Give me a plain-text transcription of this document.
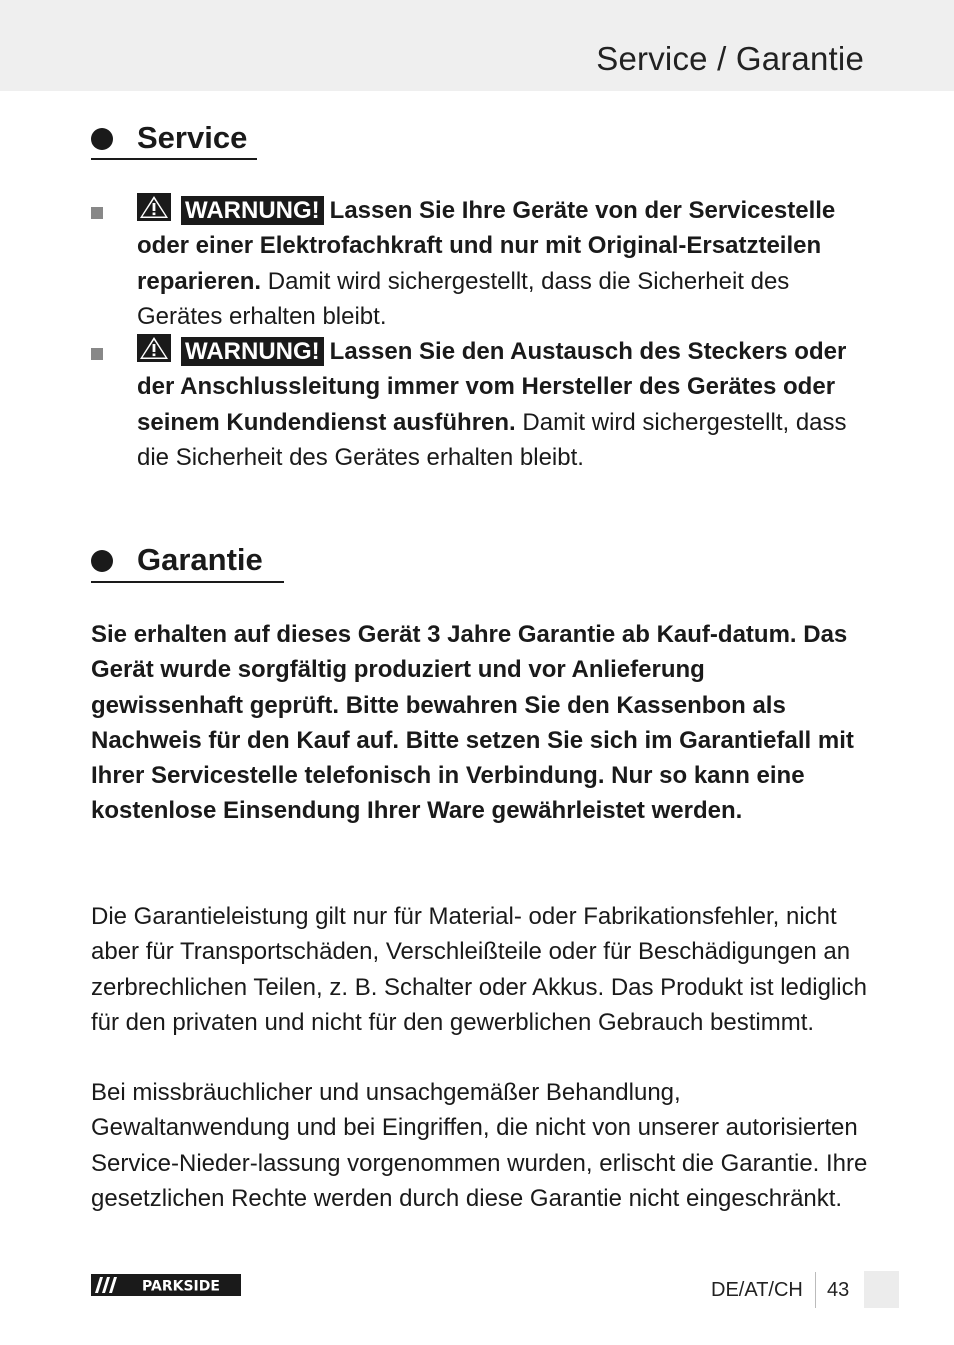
Service / Garantie
Service
WARNUNG! Lassen Sie Ihre Geräte von der Servicestelle oder einer Elektrofachkraft und nur mit Original-Ersatzteilen reparieren. Damit wird sichergestellt, dass die Sicherheit des Gerätes erhalten bleibt.
WARNUNG! Lassen Sie den Austausch des Steckers oder der Anschlussleitung immer vom Hersteller des Gerätes oder seinem Kundendienst ausführen. Damit wird sichergestellt, dass die Sicherheit des Gerätes erhalten bleibt.
Garantie
Sie erhalten auf dieses Gerät 3 Jahre Garantie ab Kauf-datum. Das Gerät wurde sorgfältig produziert und vor Anlieferung gewissenhaft geprüft. Bitte bewahren Sie den Kassenbon als Nachweis für den Kauf auf. Bitte setzen Sie sich im Garantiefall mit Ihrer Servicestelle telefonisch in Verbindung. Nur so kann eine kostenlose Einsendung Ihrer Ware gewährleistet werden.
Die Garantieleistung gilt nur für Material- oder Fabrikationsfehler, nicht aber für Transportschäden, Verschleißteile oder für Beschädigungen an zerbrechlichen Teilen, z. B. Schalter oder Akkus. Das Produkt ist lediglich für den privaten und nicht für den gewerblichen Gebrauch bestimmt.
Bei missbräuchlicher und unsachgemäßer Behandlung, Gewaltanwendung und bei Eingriffen, die nicht von unserer autorisierten Service-Nieder-lassung vorgenommen wurden, erlischt die Garantie. Ihre gesetzlichen Rechte werden durch diese Garantie nicht eingeschränkt.
PARKSIDE	DE/AT/CH 43
